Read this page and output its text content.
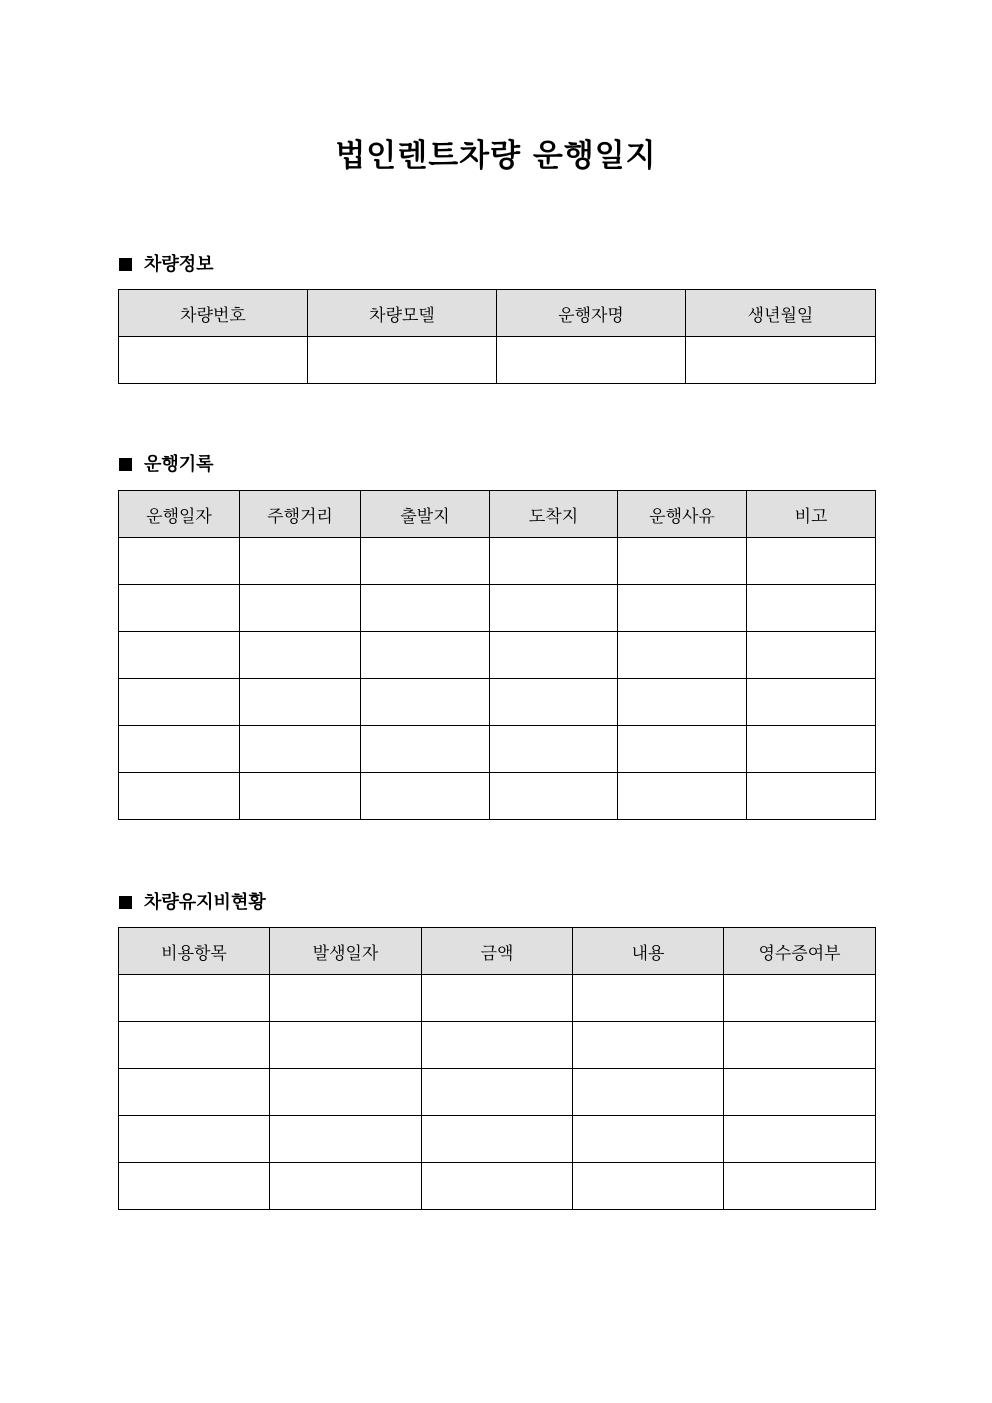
법인렌트차량 운행일지
차량정보
차량번호	차량모델	운행자명	생년월일

운행기록
운행일자	주행거리	출발지	도착지	운행사유	비고

차량유지비현황
비용항목	발생일자	금액	내용	영수증여부
